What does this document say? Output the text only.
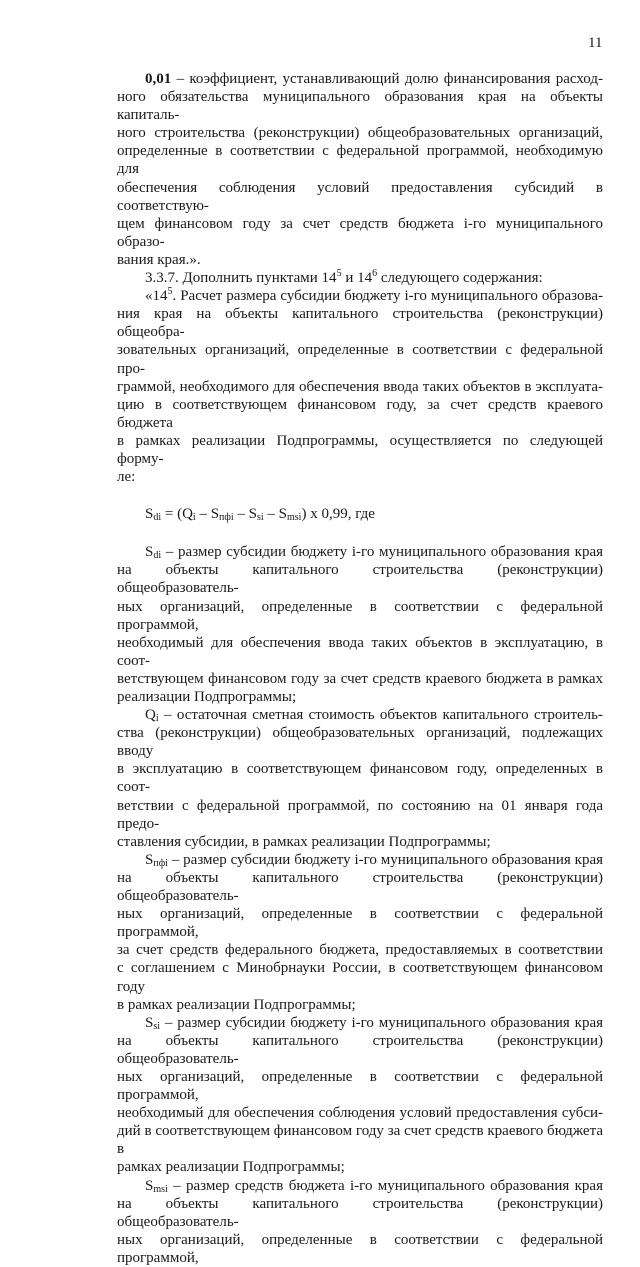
11
0,01 – коэффициент, устанавливающий долю финансирования расход-
ного обязательства муниципального образования края на объекты капиталь-
ного строительства (реконструкции) общеобразовательных организаций,
определенные в соответствии с федеральной программой, необходимую для
обеспечения соблюдения условий предоставления субсидий в соответствую-
щем финансовом году за счет средств бюджета i-го муниципального образо-
вания края.».
3.3.7. Дополнить пунктами $14^5$ и $14^6$ следующего содержания:
«$14^5$. Расчет размера субсидии бюджету i-го муниципального образова-
ния края на объекты капитального строительства (реконструкции) общеобра-
зовательных организаций, определенные в соответствии с федеральной про-
граммой, необходимого для обеспечения ввода таких объектов в эксплуата-
цию в соответствующем финансовом году, за счет средств краевого бюджета
в рамках реализации Подпрограммы, осуществляется по следующей форму-
ле:

$S_{di} = (Q_i - S_{пфi} - S_{si} - S_{msi})$ x 0,99, где

$S_{di}$ – размер субсидии бюджету i-го муниципального образования края
на объекты капитального строительства (реконструкции) общеобразователь-
ных организаций, определенные в соответствии с федеральной программой,
необходимый для обеспечения ввода таких объектов в эксплуатацию, в соот-
ветствующем финансовом году за счет средств краевого бюджета в рамках
реализации Подпрограммы;
$Q_i$ – остаточная сметная стоимость объектов капитального строитель-
ства (реконструкции) общеобразовательных организаций, подлежащих вводу
в эксплуатацию в соответствующем финансовом году, определенных в соот-
ветствии с федеральной программой, по состоянию на 01 января года предо-
ставления субсидии, в рамках реализации Подпрограммы;
$S_{пфi}$ – размер субсидии бюджету i-го муниципального образования края
на объекты капитального строительства (реконструкции) общеобразователь-
ных организаций, определенные в соответствии с федеральной программой,
за счет средств федерального бюджета, предоставляемых в соответствии
с соглашением с Минобрнауки России, в соответствующем финансовом году
в рамках реализации Подпрограммы;
$S_{si}$ – размер субсидии бюджету i-го муниципального образования края
на объекты капитального строительства (реконструкции) общеобразователь-
ных организаций, определенные в соответствии с федеральной программой,
необходимый для обеспечения соблюдения условий предоставления субси-
дий в соответствующем финансовом году за счет средств краевого бюджета в
рамках реализации Подпрограммы;
$S_{msi}$ – размер средств бюджета i-го муниципального образования края
на объекты капитального строительства (реконструкции) общеобразователь-
ных организаций, определенные в соответствии с федеральной программой,
